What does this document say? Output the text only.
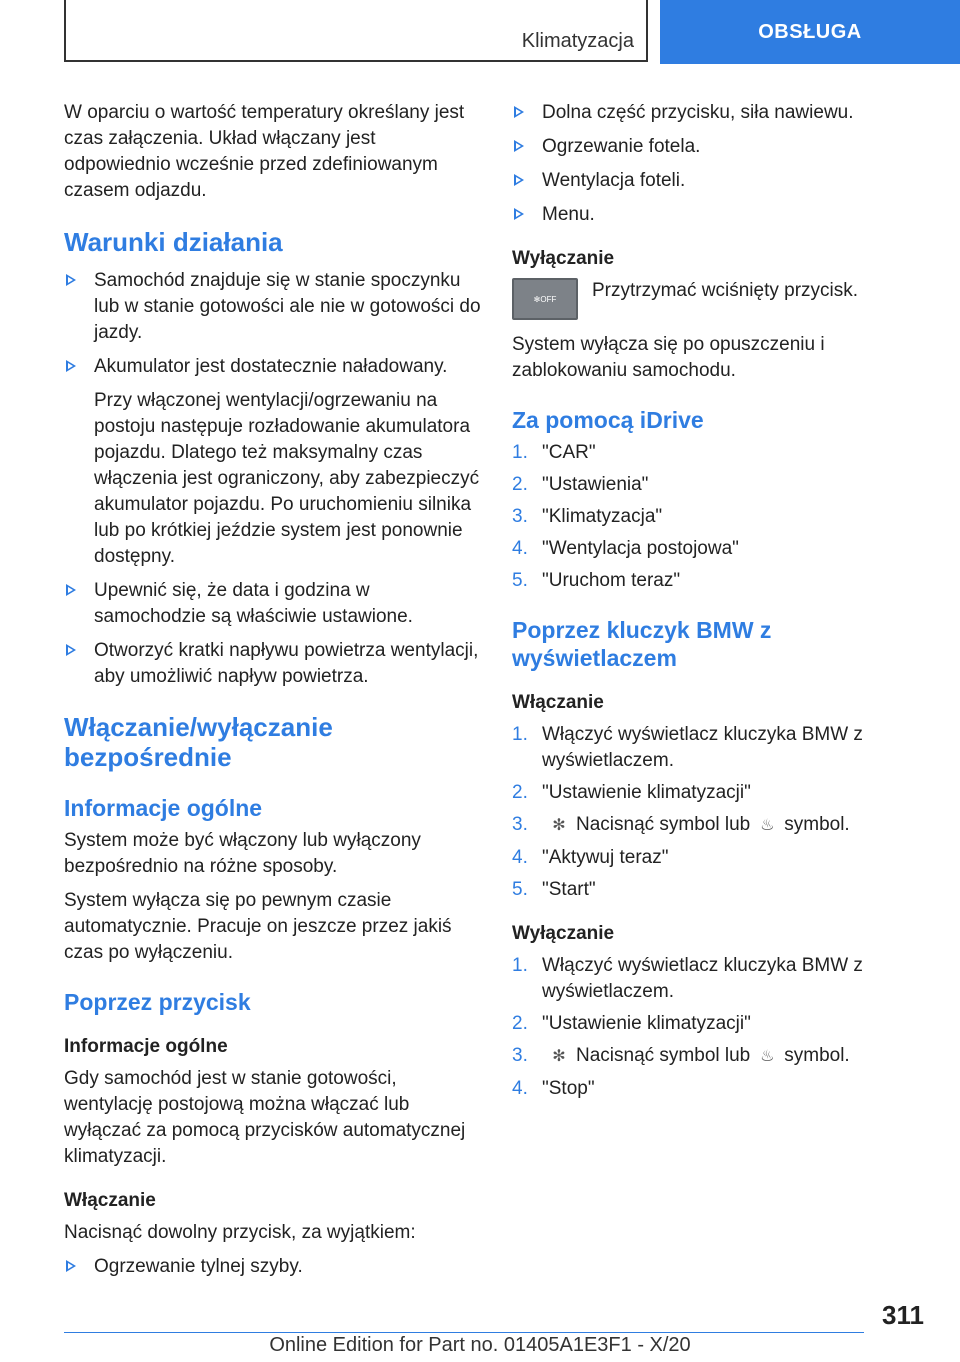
Klimatyzacja	OBSŁUGA

W oparciu o wartość temperatury określany jest czas załączenia. Układ włączany jest odpowiednio wcześnie przed zdefiniowanym czasem odjazdu.

Warunki działania
Samochód znajduje się w stanie spoczynku lub w stanie gotowości ale nie w gotowości do jazdy.
Akumulator jest dostatecznie naładowany.

Przy włączonej wentylacji/ogrzewaniu na postoju następuje rozładowanie akumulatora pojazdu. Dlatego też maksymalny czas włączenia jest ograniczony, aby zabezpieczyć akumulator pojazdu. Po uruchomieniu silnika lub po krótkiej jeździe system jest ponownie dostępny.

Upewnić się, że data i godzina w samochodzie są właściwie ustawione.
Otworzyć kratki napływu powietrza wentylacji, aby umożliwić napływ powietrza.
Włączanie/wyłączanie bezpośrednie
Informacje ogólne

System może być włączony lub wyłączony bezpośrednio na różne sposoby.

System wyłącza się po pewnym czasie automatycznie. Pracuje on jeszcze przez jakiś czas po wyłączeniu.

Poprzez przycisk
Informacje ogólne

Gdy samochód jest w stanie gotowości, wentylację postojową można włączać lub wyłączać za pomocą przycisków automatycznej klimatyzacji.

Włączanie

Nacisnąć dowolny przycisk, za wyjątkiem:

Ogrzewanie tylnej szyby.
Dolna część przycisku, siła nawiewu.
Ogrzewanie fotela.
Wentylacja foteli.
Menu.
Wyłączanie
✻ OFF Przytrzymać wciśnięty przycisk.

System wyłącza się po opuszczeniu i zablokowaniu samochodu.

Za pomocą iDrive
1. "CAR"
2. "Ustawienia"
3. "Klimatyzacja"
4. "Wentylacja postojowa"
5. "Uruchom teraz"
Poprzez kluczyk BMW z wyświetlaczem
Włączanie
1. Włączyć wyświetlacz kluczyka BMW z wyświetlaczem.
2. "Ustawienie klimatyzacji"
3. ✻ Nacisnąć symbol lub ♨ symbol.
4. "Aktywuj teraz"
5. "Start"
Wyłączanie
1. Włączyć wyświetlacz kluczyka BMW z wyświetlaczem.
2. "Ustawienie klimatyzacji"
3. ✻ Nacisnąć symbol lub ♨ symbol.
4. "Stop"
311
Online Edition for Part no. 01405A1E3F1 - X/20
